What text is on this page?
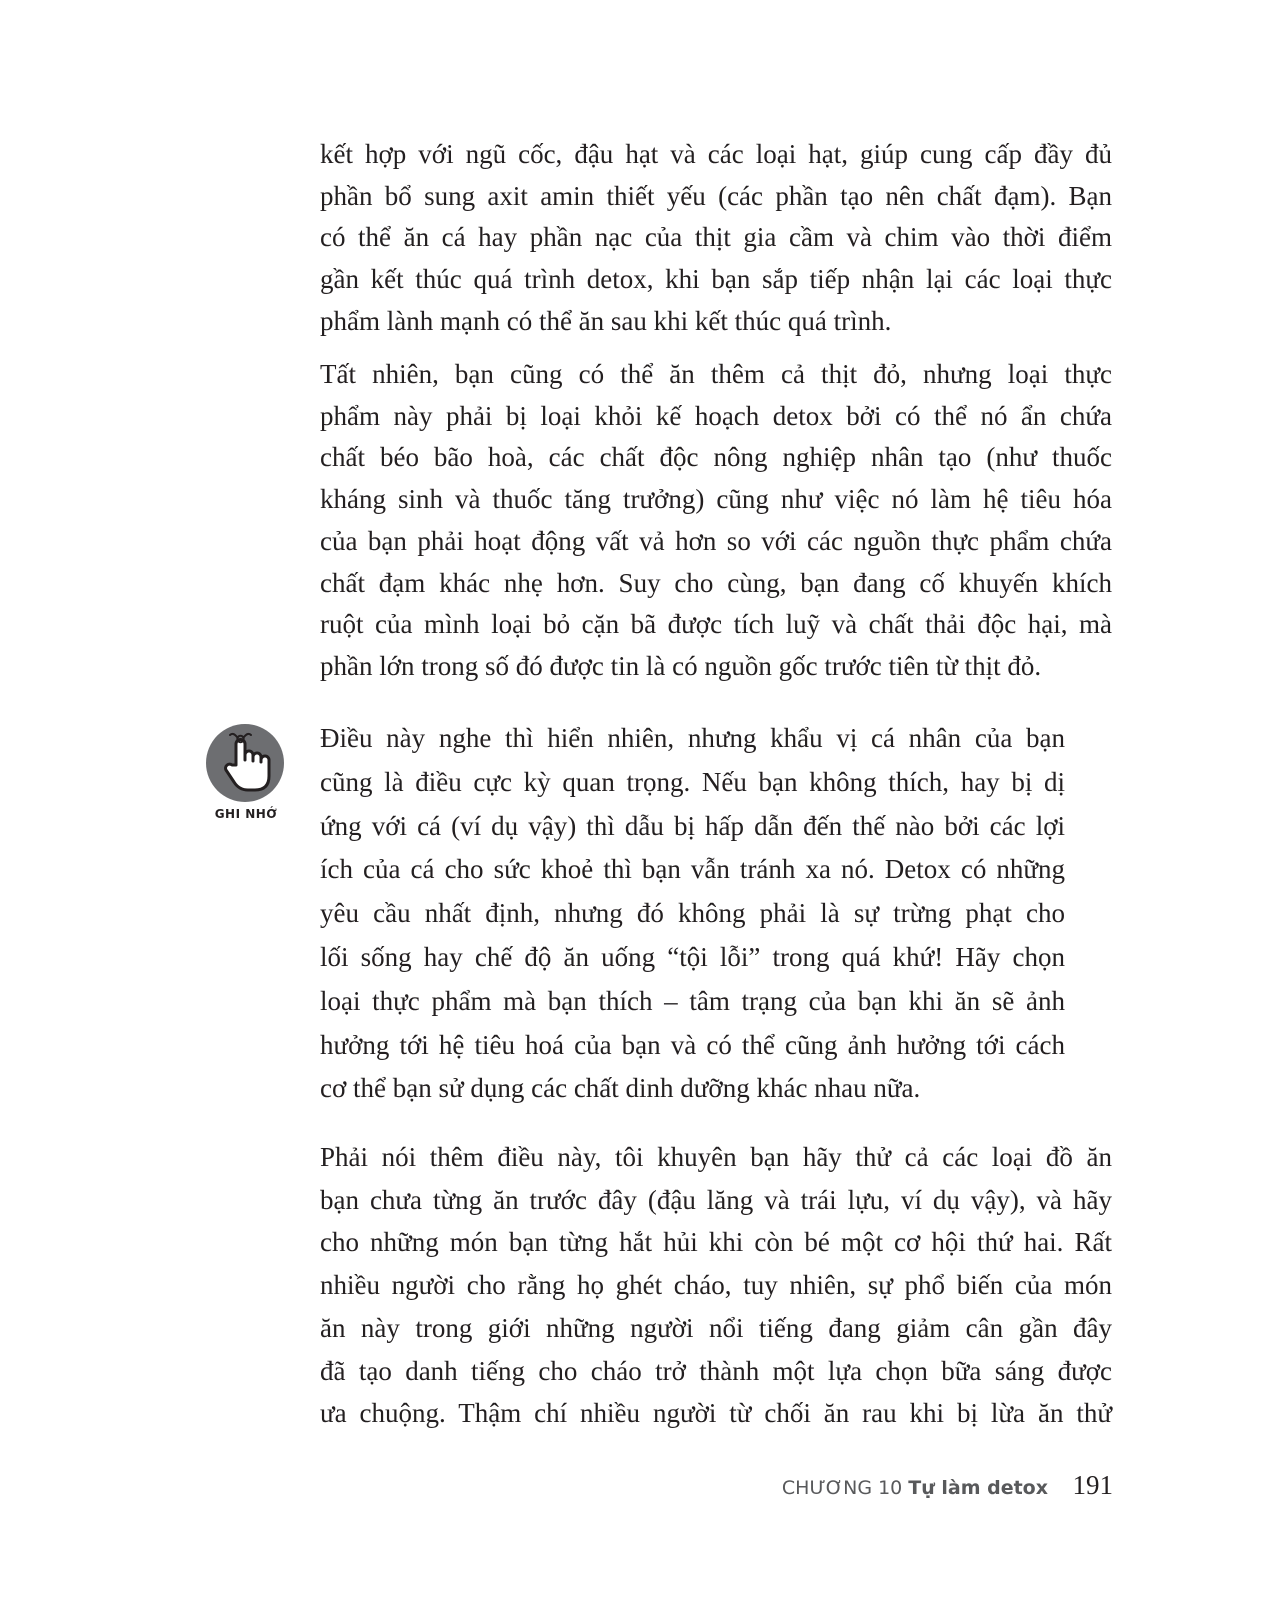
kết hợp với ngũ cốc, đậu hạt và các loại hạt, giúp cung cấp đầy đủ
phần bổ sung axit amin thiết yếu (các phần tạo nên chất đạm). Bạn
có thể ăn cá hay phần nạc của thịt gia cầm và chim vào thời điểm
gần kết thúc quá trình detox, khi bạn sắp tiếp nhận lại các loại thực
phẩm lành mạnh có thể ăn sau khi kết thúc quá trình.
Tất nhiên, bạn cũng có thể ăn thêm cả thịt đỏ, nhưng loại thực
phẩm này phải bị loại khỏi kế hoạch detox bởi có thể nó ẩn chứa
chất béo bão hoà, các chất độc nông nghiệp nhân tạo (như thuốc
kháng sinh và thuốc tăng trưởng) cũng như việc nó làm hệ tiêu hóa
của bạn phải hoạt động vất vả hơn so với các nguồn thực phẩm chứa
chất đạm khác nhẹ hơn. Suy cho cùng, bạn đang cố khuyến khích
ruột của mình loại bỏ cặn bã được tích luỹ và chất thải độc hại, mà
phần lớn trong số đó được tin là có nguồn gốc trước tiên từ thịt đỏ.
GHI NHỚ
Điều này nghe thì hiển nhiên, nhưng khẩu vị cá nhân của bạn
cũng là điều cực kỳ quan trọng. Nếu bạn không thích, hay bị dị
ứng với cá (ví dụ vậy) thì dẫu bị hấp dẫn đến thế nào bởi các lợi
ích của cá cho sức khoẻ thì bạn vẫn tránh xa nó. Detox có những
yêu cầu nhất định, nhưng đó không phải là sự trừng phạt cho
lối sống hay chế độ ăn uống “tội lỗi” trong quá khứ! Hãy chọn
loại thực phẩm mà bạn thích – tâm trạng của bạn khi ăn sẽ ảnh
hưởng tới hệ tiêu hoá của bạn và có thể cũng ảnh hưởng tới cách
cơ thể bạn sử dụng các chất dinh dưỡng khác nhau nữa.
Phải nói thêm điều này, tôi khuyên bạn hãy thử cả các loại đồ ăn
bạn chưa từng ăn trước đây (đậu lăng và trái lựu, ví dụ vậy), và hãy
cho những món bạn từng hắt hủi khi còn bé một cơ hội thứ hai. Rất
nhiều người cho rằng họ ghét cháo, tuy nhiên, sự phổ biến của món
ăn này trong giới những người nổi tiếng đang giảm cân gần đây
đã tạo danh tiếng cho cháo trở thành một lựa chọn bữa sáng được
ưa chuộng. Thậm chí nhiều người từ chối ăn rau khi bị lừa ăn thử
CHƯƠNG 10 Tự làm detox 191
